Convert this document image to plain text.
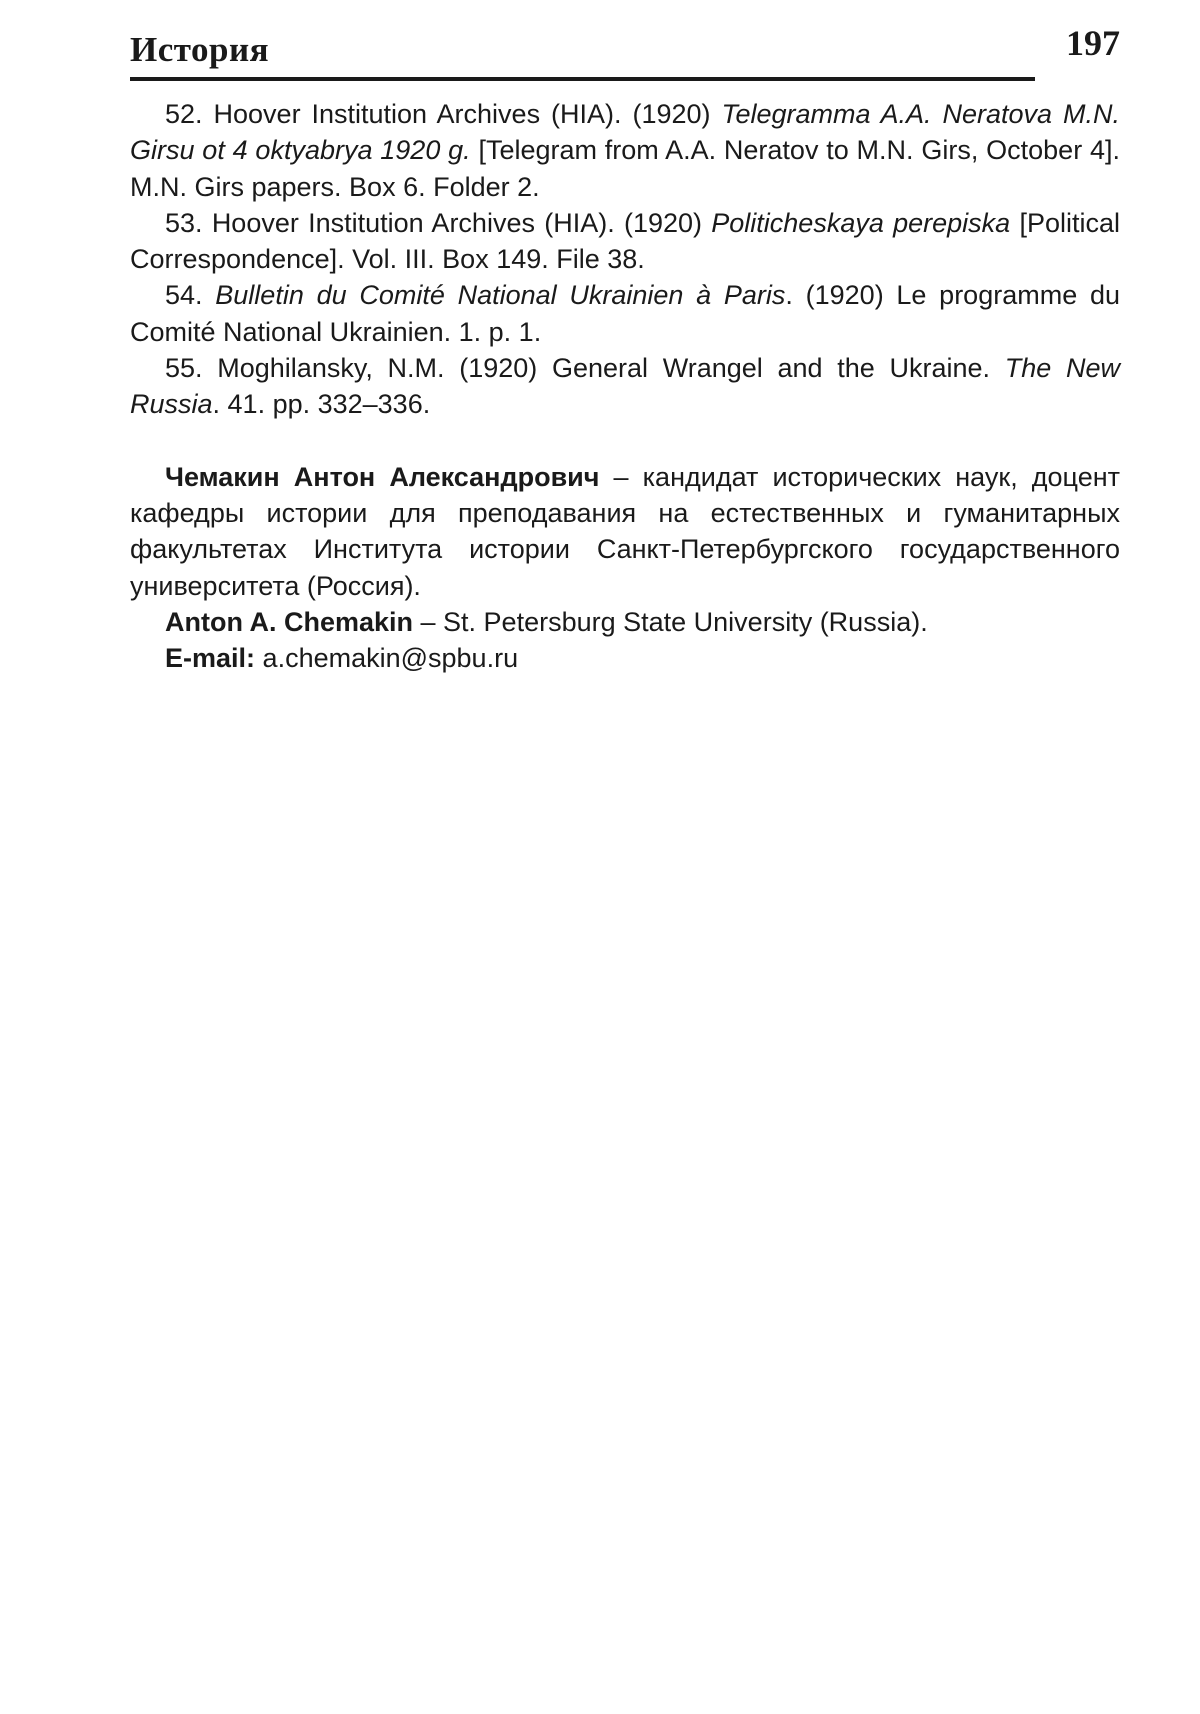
История	197

52. Hoover Institution Archives (HIA). (1920) Telegramma A.A. Neratova M.N. Girsu ot 4 oktyabrya 1920 g. [Telegram from A.A. Neratov to M.N. Girs, October 4]. M.N. Girs papers. Box 6. Folder 2.

53. Hoover Institution Archives (HIA). (1920) Politicheskaya perepiska [Political Correspondence]. Vol. III. Box 149. File 38.

54. Bulletin du Comité National Ukrainien à Paris. (1920) Le programme du Comité National Ukrainien. 1. p. 1.

55. Moghilansky, N.M. (1920) General Wrangel and the Ukraine. The New Russia. 41. pp. 332–336.

Чемакин Антон Александрович – кандидат исторических наук, доцент кафедры истории для преподавания на естественных и гуманитарных факультетах Института истории Санкт-Петербургского государственного университета (Россия).

Anton A. Chemakin – St. Petersburg State University (Russia).

E-mail: a.chemakin@spbu.ru
